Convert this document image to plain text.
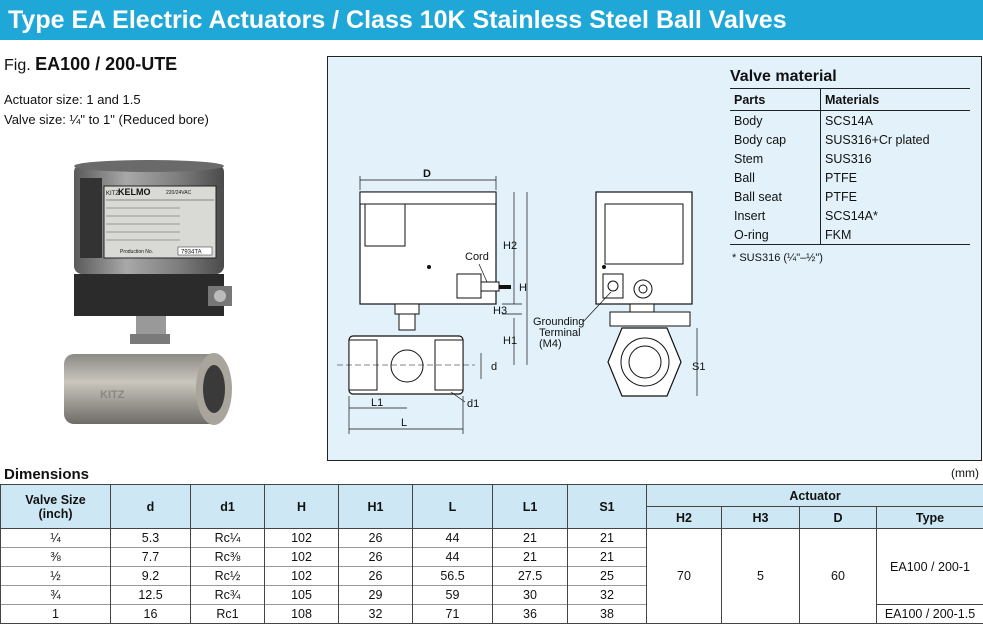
Type EA Electric Actuators / Class 10K Stainless Steel Ball Valves
Fig. EA100 / 200-UTE
Actuator size: 1 and 1.5
Valve size: ¼" to 1" (Reduced bore)
KELMO
KITZ	220/24VAC
Production No.	7934TA
KITZ
D
H2
H
H3
H1
d
d1
L1
L
Cord
S1
Grounding
Terminal
(M4)
Valve material
Parts	Materials
Body	SCS14A
Body cap	SUS316+Cr plated
Stem	SUS316
Ball	PTFE
Ball seat	PTFE
Insert	SCS14A*
O-ring	FKM
* SUS316 (¼"–½")
Dimensions	(mm)
Valve Size
(inch)	d	d1	H	H1	L	L1	S1	Actuator			
								H2	H3	D	Type
¼	5.3	Rc¼	102	26	44	21	21	70	5	60	EA100 / 200-1
⅜	7.7	Rc⅜	102	26	44	21	21				
½	9.2	Rc½	102	26	56.5	27.5	25				
¾	12.5	Rc¾	105	29	59	30	32				
1	16	Rc1	108	32	71	36	38				EA100 / 200-1.5
